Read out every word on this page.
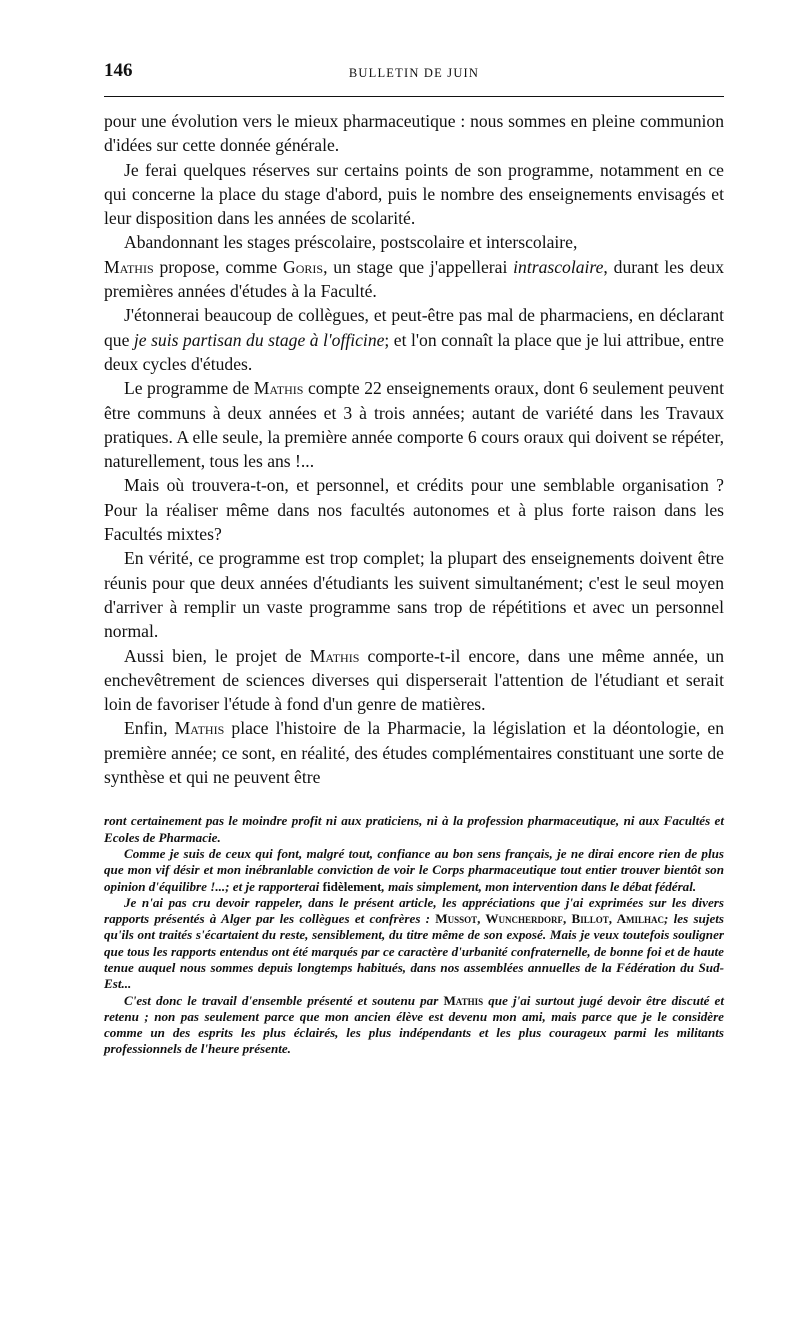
146	BULLETIN DE JUIN

pour une évolution vers le mieux pharmaceutique : nous sommes en pleine communion d'idées sur cette donnée générale.

Je ferai quelques réserves sur certains points de son programme, notamment en ce qui concerne la place du stage d'abord, puis le nombre des enseignements envisagés et leur disposition dans les années de scolarité.

Abandonnant les stages préscolaire, postscolaire et interscolaire,
Mathis propose, comme Goris, un stage que j'appellerai intrascolaire, durant les deux premières années d'études à la Faculté.

J'étonnerai beaucoup de collègues, et peut-être pas mal de pharmaciens, en déclarant que je suis partisan du stage à l'officine; et l'on connaît la place que je lui attribue, entre deux cycles d'études.

Le programme de Mathis compte 22 enseignements oraux, dont 6 seulement peuvent être communs à deux années et 3 à trois années; autant de variété dans les Travaux pratiques. A elle seule, la première année comporte 6 cours oraux qui doivent se répéter, naturellement, tous les ans !...

Mais où trouvera-t-on, et personnel, et crédits pour une semblable organisation ? Pour la réaliser même dans nos facultés autonomes et à plus forte raison dans les Facultés mixtes?

En vérité, ce programme est trop complet; la plupart des enseignements doivent être réunis pour que deux années d'étudiants les suivent simultanément; c'est le seul moyen d'arriver à remplir un vaste programme sans trop de répétitions et avec un personnel normal.

Aussi bien, le projet de Mathis comporte-t-il encore, dans une même année, un enchevêtrement de sciences diverses qui disperserait l'attention de l'étudiant et serait loin de favoriser l'étude à fond d'un genre de matières.

Enfin, Mathis place l'histoire de la Pharmacie, la législation et la déontologie, en première année; ce sont, en réalité, des études complémentaires constituant une sorte de synthèse et qui ne peuvent être

ront certainement pas le moindre profit ni aux praticiens, ni à la profession pharmaceutique, ni aux Facultés et Ecoles de Pharmacie.

Comme je suis de ceux qui font, malgré tout, confiance au bon sens français, je ne dirai encore rien de plus que mon vif désir et mon inébranlable conviction de voir le Corps pharmaceutique tout entier trouver bientôt son opinion d'équilibre !...; et je rapporterai fidèlement, mais simplement, mon intervention dans le débat fédéral.

Je n'ai pas cru devoir rappeler, dans le présent article, les appréciations que j'ai exprimées sur les divers rapports présentés à Alger par les collègues et confrères : Mussot, Wuncherdorf, Billot, Amilhac; les sujets qu'ils ont traités s'écartaient du reste, sensiblement, du titre même de son exposé. Mais je veux toutefois souligner que tous les rapports entendus ont été marqués par ce caractère d'urbanité confraternelle, de bonne foi et de haute tenue auquel nous sommes depuis longtemps habitués, dans nos assemblées annuelles de la Fédération du Sud-Est...

C'est donc le travail d'ensemble présenté et soutenu par Mathis que j'ai surtout jugé devoir être discuté et retenu ; non pas seulement parce que mon ancien élève est devenu mon ami, mais parce que je le considère comme un des esprits les plus éclairés, les plus indépendants et les plus courageux parmi les militants professionnels de l'heure présente.
